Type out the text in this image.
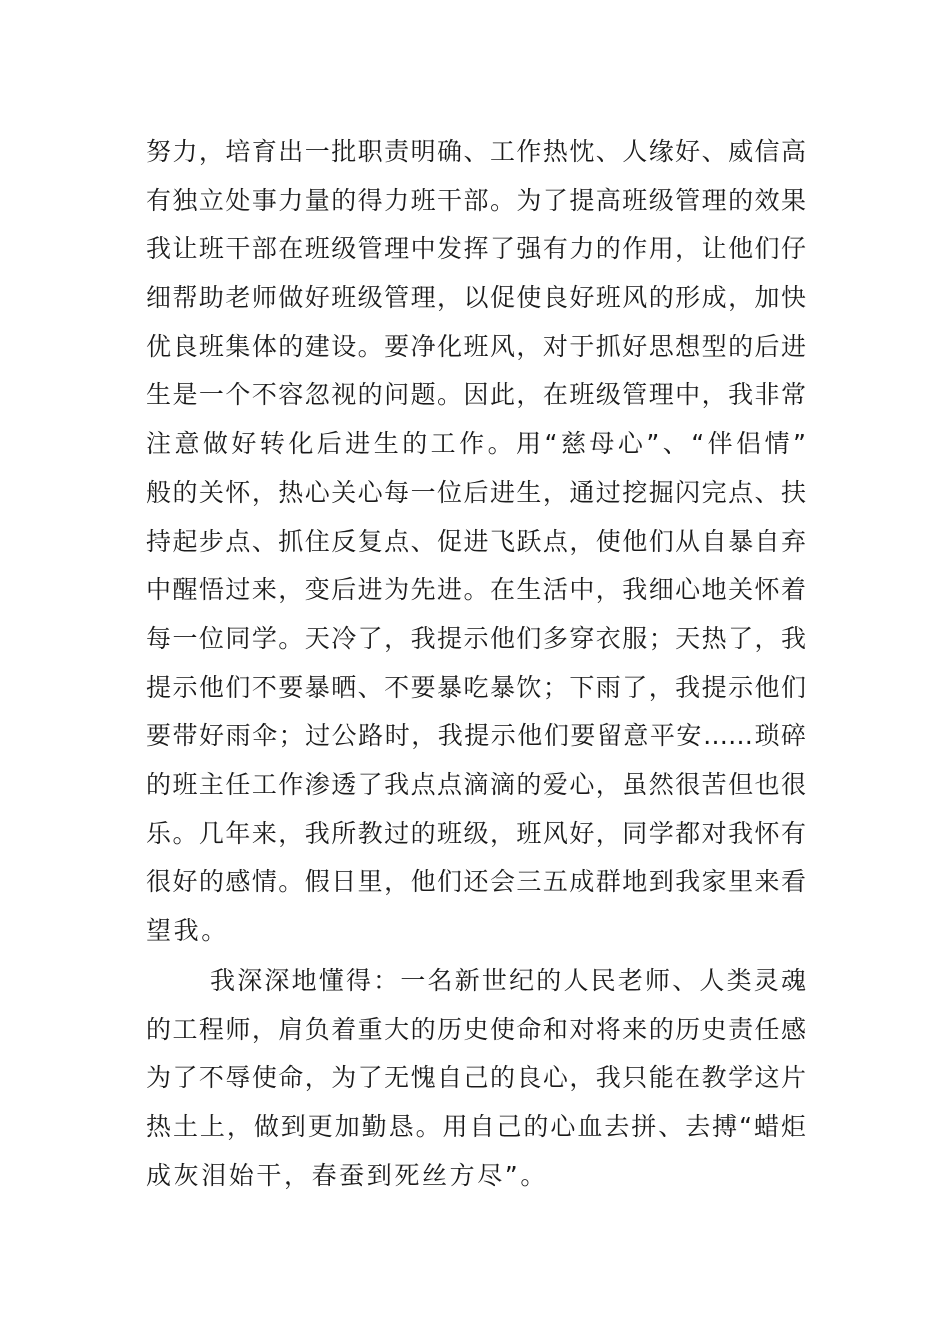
努力，培育出一批职责明确、工作热忱、人缘好、威信高
有独立处事力量的得力班干部。为了提高班级管理的效果
我让班干部在班级管理中发挥了强有力的作用，让他们仔
细帮助老师做好班级管理，以促使良好班风的形成，加快
优良班集体的建设。要净化班风，对于抓好思想型的后进
生是一个不容忽视的问题。因此，在班级管理中，我非常
注意做好转化后进生的工作。用“慈母心”、“伴侣情”
般的关怀，热心关心每一位后进生，通过挖掘闪完点、扶
持起步点、抓住反复点、促进飞跃点，使他们从自暴自弃
中醒悟过来，变后进为先进。在生活中，我细心地关怀着
每一位同学。天冷了，我提示他们多穿衣服；天热了，我
提示他们不要暴晒、不要暴吃暴饮；下雨了，我提示他们
要带好雨伞；过公路时，我提示他们要留意平安……琐碎
的班主任工作渗透了我点点滴滴的爱心，虽然很苦但也很
乐。几年来，我所教过的班级，班风好，同学都对我怀有
很好的感情。假日里，他们还会三五成群地到我家里来看
望我。
我深深地懂得：一名新世纪的人民老师、人类灵魂
的工程师，肩负着重大的历史使命和对将来的历史责任感
为了不辱使命，为了无愧自己的良心，我只能在教学这片
热土上，做到更加勤恳。用自己的心血去拼、去搏“蜡炬
成灰泪始干，春蚕到死丝方尽”。
